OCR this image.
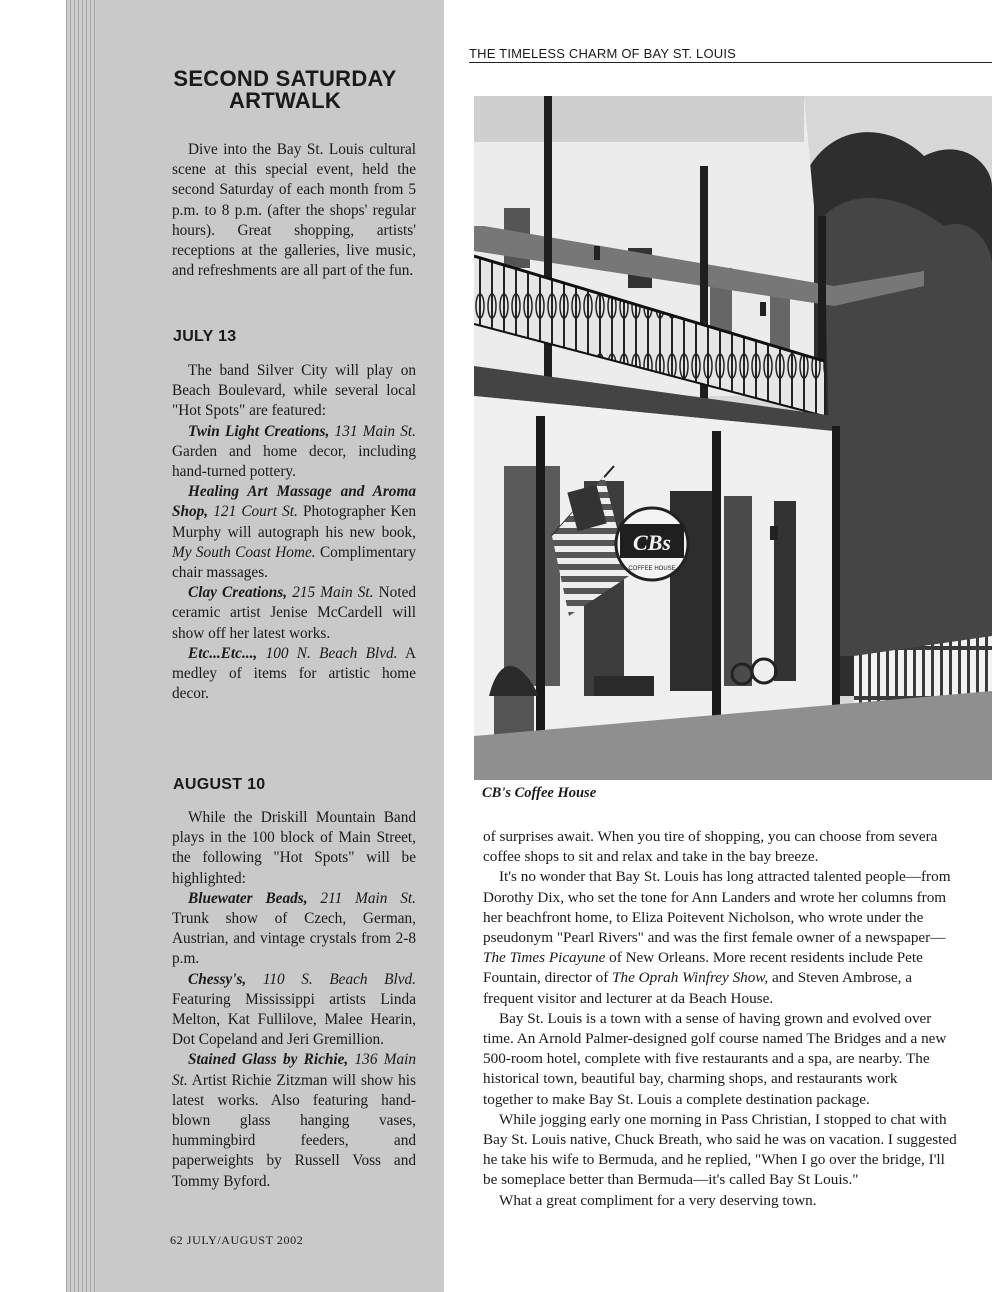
SECOND SATURDAY
ARTWALK

Dive into the Bay St. Louis cultural scene at this special event, held the second Saturday of each month from 5 p.m. to 8 p.m. (after the shops' regular hours). Great shopping, artists' receptions at the galleries, live music, and refreshments are all part of the fun.

JULY 13

The band Silver City will play on Beach Boulevard, while several local "Hot Spots" are featured:

Twin Light Creations, 131 Main St. Garden and home decor, including hand-turned pottery.

Healing Art Massage and Aroma Shop, 121 Court St. Photographer Ken Murphy will autograph his new book, My South Coast Home. Complimentary chair massages.

Clay Creations, 215 Main St. Noted ceramic artist Jenise McCardell will show off her latest works.

Etc...Etc..., 100 N. Beach Blvd. A medley of items for artistic home decor.

AUGUST 10

While the Driskill Mountain Band plays in the 100 block of Main Street, the following "Hot Spots" will be highlighted:

Bluewater Beads, 211 Main St. Trunk show of Czech, German, Austrian, and vintage crystals from 2-8 p.m.

Chessy's, 110 S. Beach Blvd. Featuring Mississippi artists Linda Melton, Kat Fullilove, Malee Hearin, Dot Copeland and Jeri Gremillion.

Stained Glass by Richie, 136 Main St. Artist Richie Zitzman will show his latest works. Also featuring hand-blown glass hanging vases, hummingbird feeders, and paperweights by Russell Voss and Tommy Byford.

62 JULY/AUGUST 2002
THE TIMELESS CHARM OF BAY ST. LOUIS
CBs
COFFEE HOUSE
CB's Coffee House
of surprises await. When you tire of shopping, you can choose from severa
coffee shops to sit and relax and take in the bay breeze.
It's no wonder that Bay St. Louis has long attracted talented people—from
Dorothy Dix, who set the tone for Ann Landers and wrote her columns from
her beachfront home, to Eliza Poitevent Nicholson, who wrote under the
pseudonym "Pearl Rivers" and was the first female owner of a newspaper—
The Times Picayune of New Orleans. More recent residents include Pete
Fountain, director of The Oprah Winfrey Show, and Steven Ambrose, a
frequent visitor and lecturer at da Beach House.
Bay St. Louis is a town with a sense of having grown and evolved over
time. An Arnold Palmer-designed golf course named The Bridges and a new
500-room hotel, complete with five restaurants and a spa, are nearby. The
historical town, beautiful bay, charming shops, and restaurants work
together to make Bay St. Louis a complete destination package.
While jogging early one morning in Pass Christian, I stopped to chat with
Bay St. Louis native, Chuck Breath, who said he was on vacation. I suggested
he take his wife to Bermuda, and he replied, "When I go over the bridge, I'll
be someplace better than Bermuda—it's called Bay St Louis."
What a great compliment for a very deserving town.
